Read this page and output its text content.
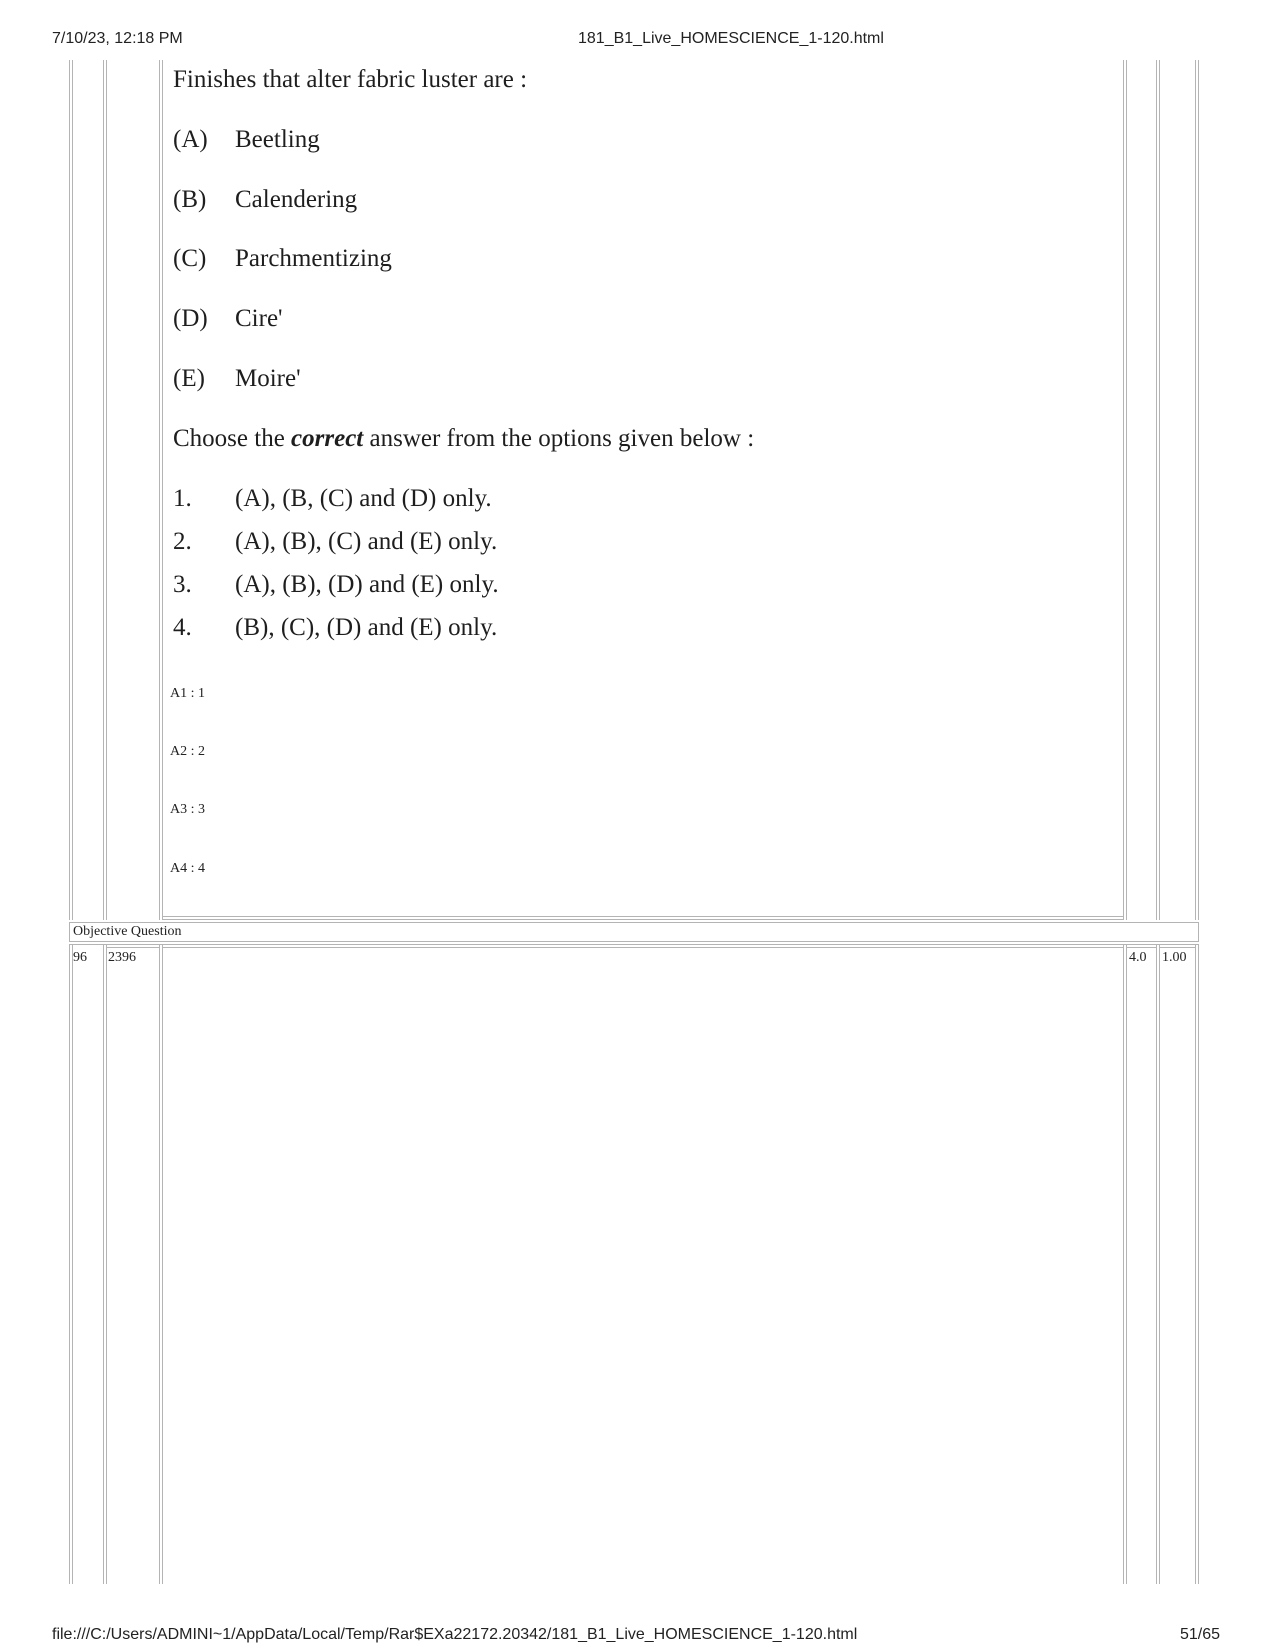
7/10/23, 12:18 PM	181_B1_Live_HOMESCIENCE_1-120.html
Finishes that alter fabric luster are :
(A) Beetling
(B) Calendering
(C) Parchmentizing
(D) Cire'
(E) Moire'
Choose the correct answer from the options given below :
1. (A), (B, (C) and (D) only.
2. (A), (B), (C) and (E) only.
3. (A), (B), (D) and (E) only.
4. (B), (C), (D) and (E) only.
A1 : 1
A2 : 2
A3 : 3
A4 : 4
Objective Question
96 2396	4.0 1.00
file:///C:/Users/ADMINI~1/AppData/Local/Temp/Rar$EXa22172.20342/181_B1_Live_HOMESCIENCE_1-120.html	51/65
